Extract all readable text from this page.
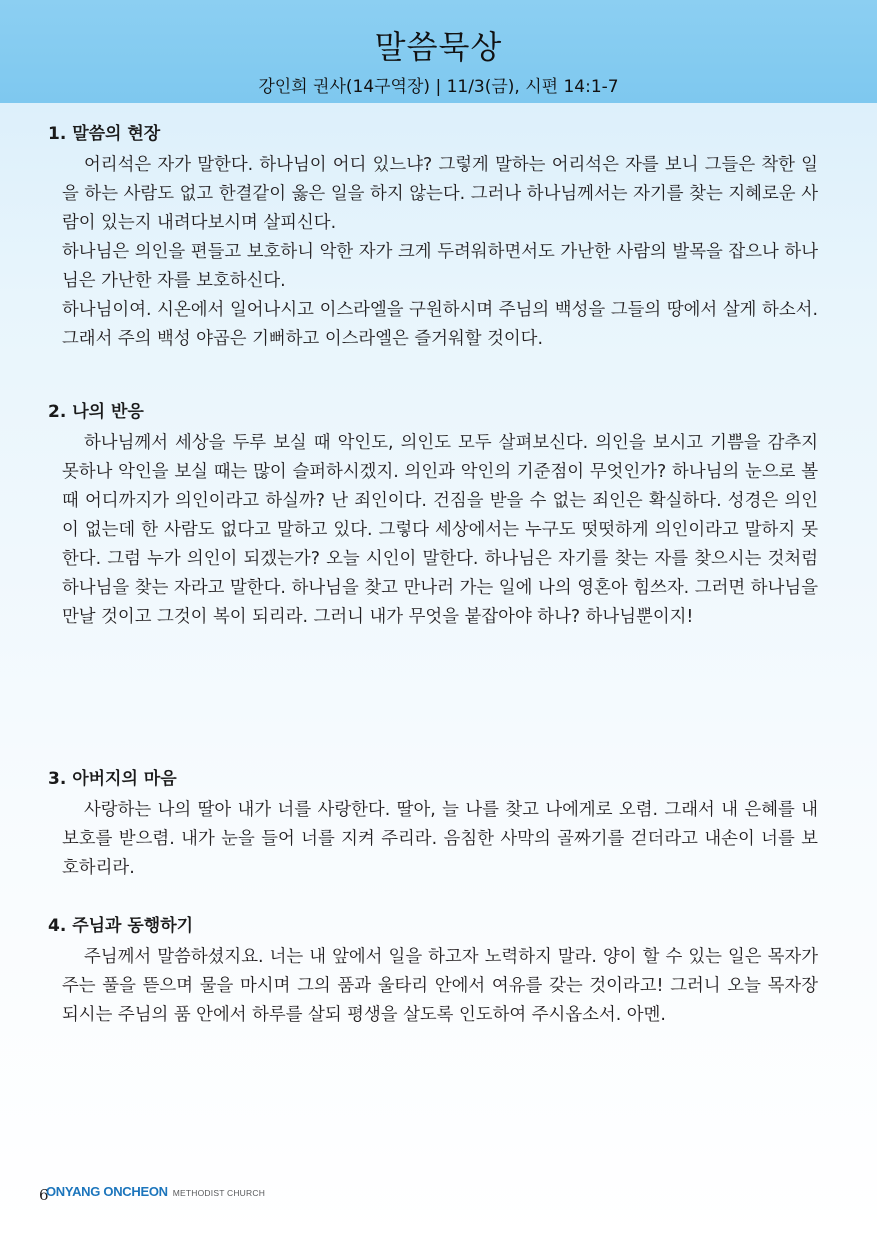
말씀묵상
강인희 권사(14구역장) | 11/3(금), 시편 14:1-7
1. 말씀의 현장
어리석은 자가 말한다. 하나님이 어디 있느냐? 그렇게 말하는 어리석은 자를 보니 그들은 착한 일을 하는 사람도 없고 한결같이 옳은 일을 하지 않는다. 그러나 하나님께서는 자기를 찾는 지혜로운 사람이 있는지 내려다보시며 살피신다.
하나님은 의인을 편들고 보호하니 악한 자가 크게 두려워하면서도 가난한 사람의 발목을 잡으나 하나님은 가난한 자를 보호하신다.
하나님이여. 시온에서 일어나시고 이스라엘을 구원하시며 주님의 백성을 그들의 땅에서 살게 하소서. 그래서 주의 백성 야곱은 기뻐하고 이스라엘은 즐거워할 것이다.
2. 나의 반응
하나님께서 세상을 두루 보실 때 악인도, 의인도 모두 살펴보신다. 의인을 보시고 기쁨을 감추지 못하나 악인을 보실 때는 많이 슬퍼하시겠지. 의인과 악인의 기준점이 무엇인가? 하나님의 눈으로 볼 때 어디까지가 의인이라고 하실까? 난 죄인이다. 건짐을 받을 수 없는 죄인은 확실하다. 성경은 의인이 없는데 한 사람도 없다고 말하고 있다. 그렇다 세상에서는 누구도 떳떳하게 의인이라고 말하지 못한다. 그럼 누가 의인이 되겠는가? 오늘 시인이 말한다. 하나님은 자기를 찾는 자를 찾으시는 것처럼 하나님을 찾는 자라고 말한다. 하나님을 찾고 만나러 가는 일에 나의 영혼아 힘쓰자. 그러면 하나님을 만날 것이고 그것이 복이 되리라. 그러니 내가 무엇을 붙잡아야 하나? 하나님뿐이지!
3. 아버지의 마음
사랑하는 나의 딸아 내가 너를 사랑한다. 딸아, 늘 나를 찾고 나에게로 오렴. 그래서 내 은혜를 내 보호를 받으렴. 내가 눈을 들어 너를 지켜 주리라. 음침한 사막의 골짜기를 걷더라고 내손이 너를 보호하리라.
4. 주님과 동행하기
주님께서 말씀하셨지요. 너는 내 앞에서 일을 하고자 노력하지 말라. 양이 할 수 있는 일은 목자가 주는 풀을 뜯으며 물을 마시며 그의 품과 울타리 안에서 여유를 갖는 것이라고! 그러니 오늘 목자장 되시는 주님의 품 안에서 하루를 살되 평생을 살도록 인도하여 주시옵소서. 아멘.
ONYANG ONCHEON METHODIST CHURCH
6
